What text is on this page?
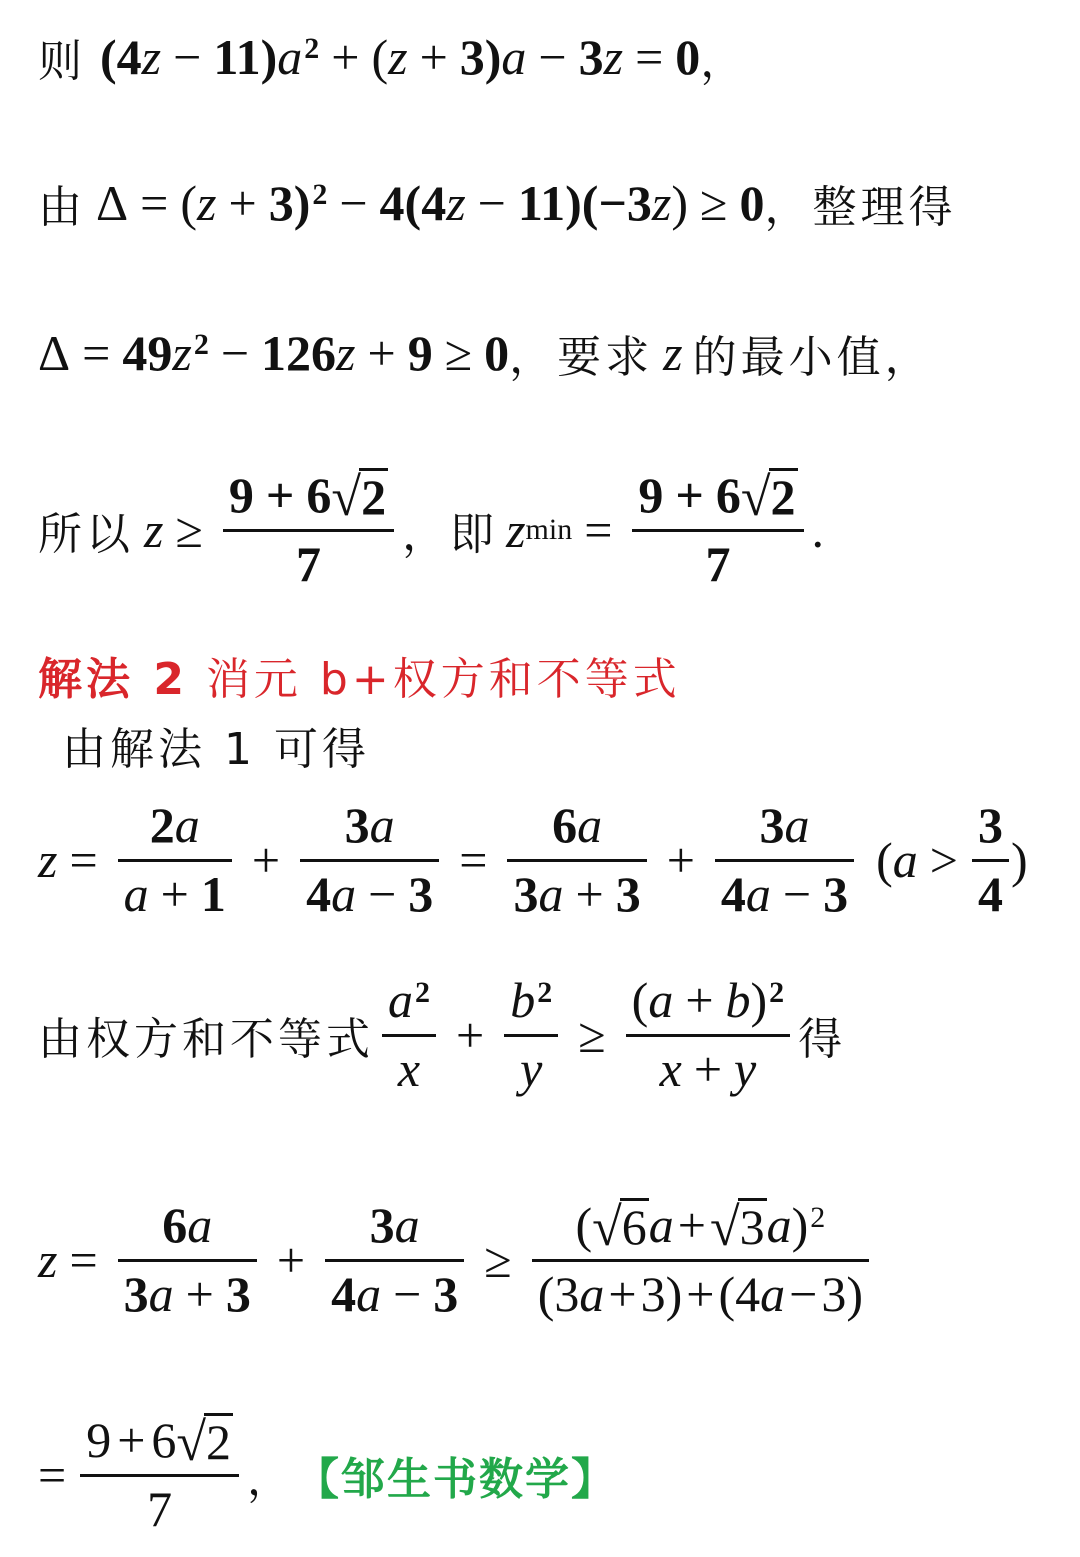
则 (4 z − 11) $a^2$ + ( z + 3) a − 3 z = 0 ，
由 Δ = ( z + 3)$^2$ − 4(4 z − 11)(−3 z ) ≥ 0 ，整理得
Δ = 49 $z^2 - 126$ z + 9 ≥ 0 ，要求 z 的最小值，
所以 $z \ge \frac{9 + 6 √ 2}{7}$ ，即 z $\min = \frac{9 + 6 √ 2}{7}$ .
解法 2 消元 b+权方和不等式
由解法 1 可得
$z = \frac{2 a}{a + 1} + \frac{3 a}{4 a - 3} = \frac{6 a}{3 a + 3} + \frac{3 a}{4 a - 3} (a > \frac{3}{4}$ )
由权方和不等式 $\frac{a^2}{x} + \frac{b^2}{y} \ge \frac{( a + b )^2}{x + y}$ 得
$z = \frac{6 a}{3 a + 3} + \frac{3 a}{4 a - 3} \ge \frac{( √ 6 a + √ 3 a )^2}{(3 a + 3) + (4 a - 3)}$
= $\frac{9 + 6 √ 2}{7}$ ， 【邹生书数学】
